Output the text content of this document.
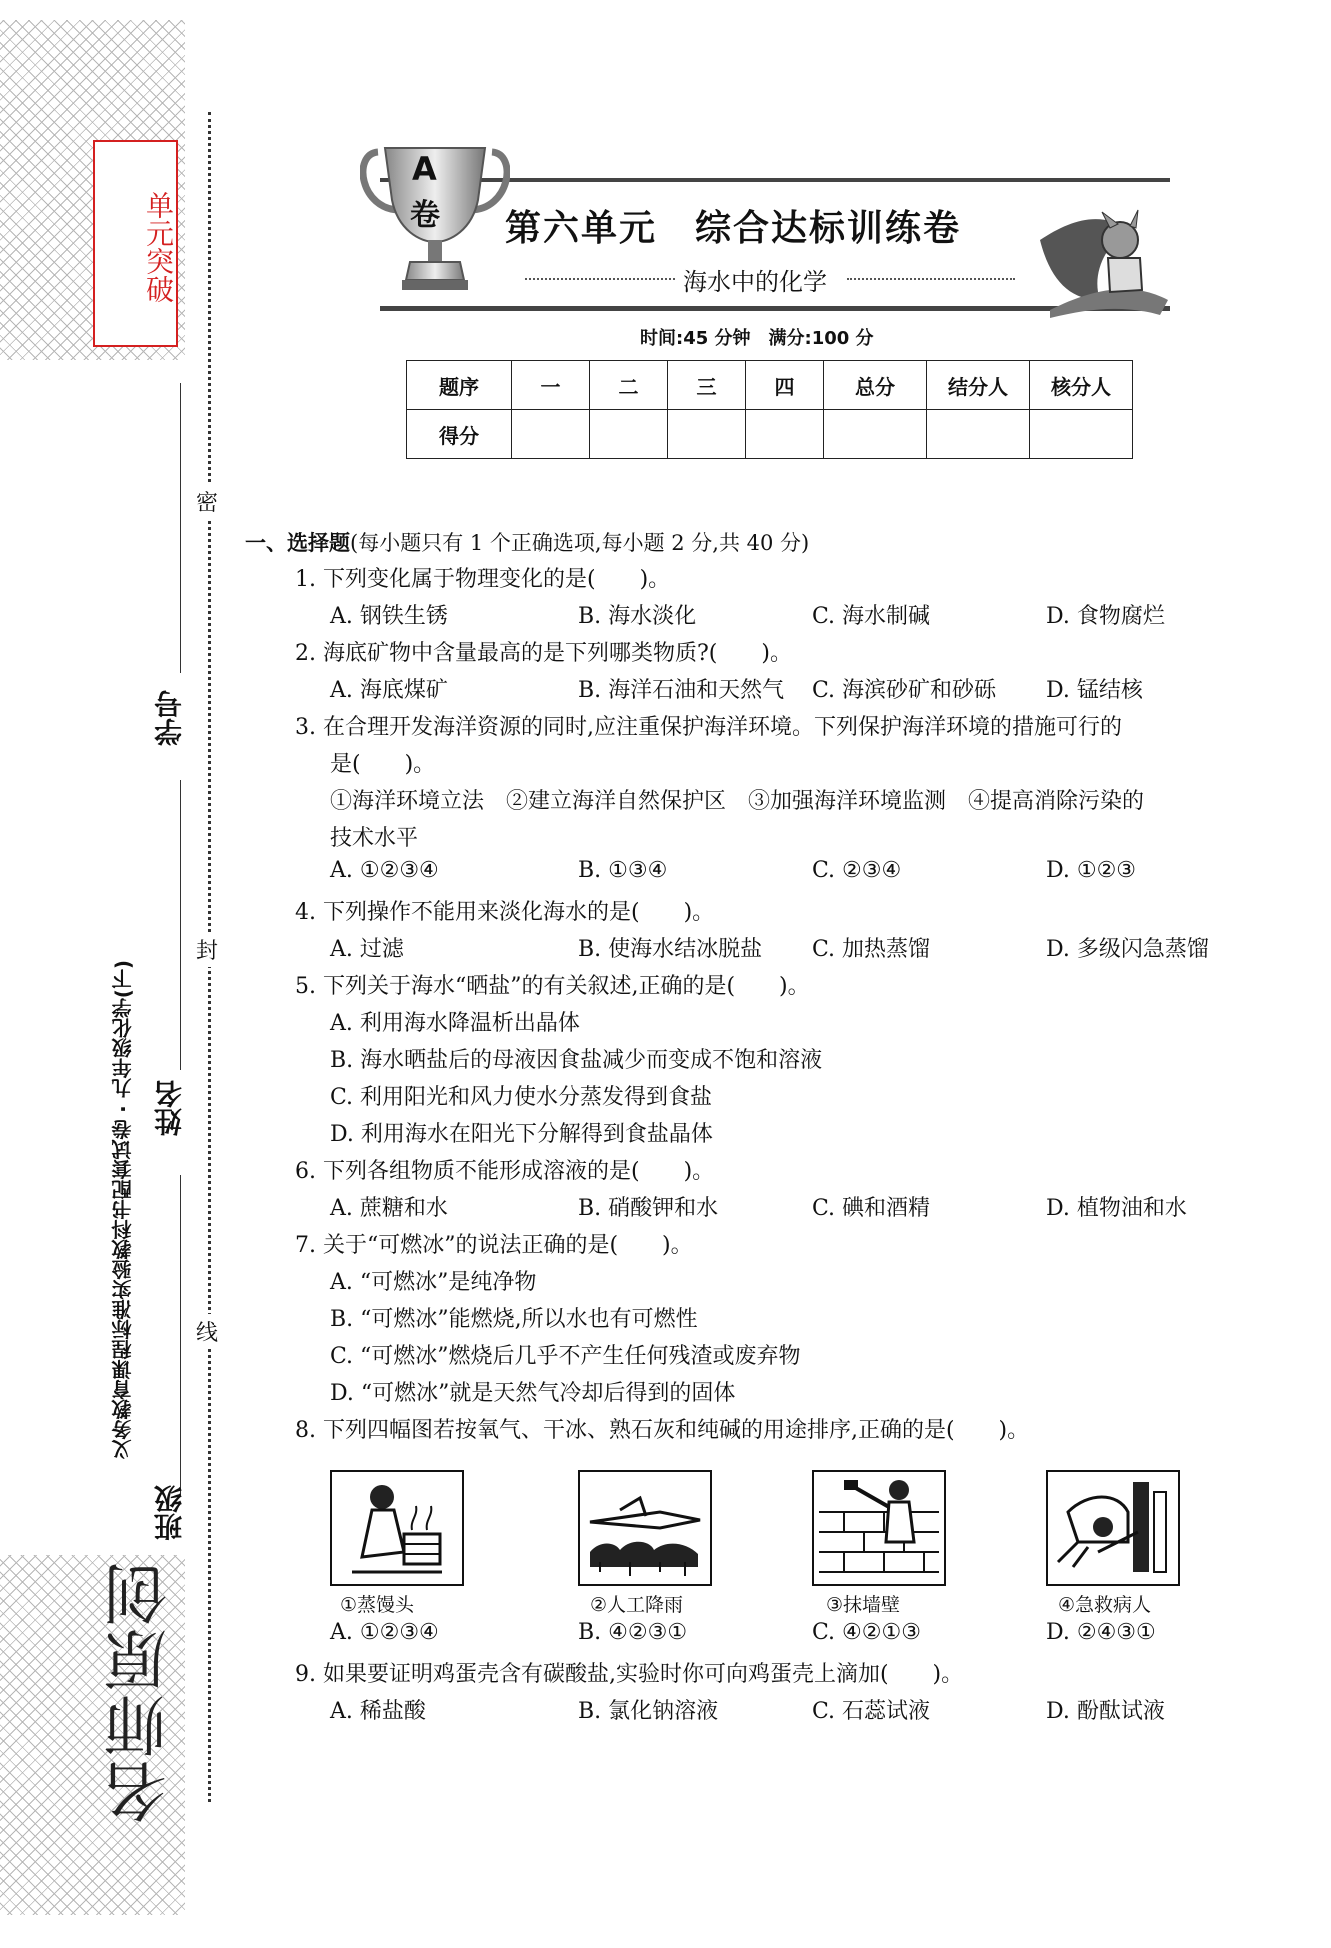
单元突破
密
封
线
学号
姓名
班级
义务教育课程标准实验教科书配套试卷 · 九年级化学(下)
名师原创
A
卷 第六单元　综合达标训练卷
海水中的化学
时间:45 分钟　满分:100 分
题序	一	二	三	四	总分	结分人	核分人
得分							
一、选择题(每小题只有 1 个正确选项,每小题 2 分,共 40 分)
1. 下列变化属于物理变化的是(　　)。
A. 钢铁生锈	B. 海水淡化	C. 海水制碱	D. 食物腐烂
2. 海底矿物中含量最高的是下列哪类物质?(　　)。
A. 海底煤矿	B. 海洋石油和天然气 C. 海滨砂矿和砂砾 D. 锰结核
3. 在合理开发海洋资源的同时,应注重保护海洋环境。下列保护海洋环境的措施可行的
是(　　)。
①海洋环境立法　②建立海洋自然保护区　③加强海洋环境监测　④提高消除污染的
技术水平
A. ①②③④	B. ①③④	C. ②③④	D. ①②③
4. 下列操作不能用来淡化海水的是(　　)。
A. 过滤	B. 使海水结冰脱盐 C. 加热蒸馏	D. 多级闪急蒸馏
5. 下列关于海水“晒盐”的有关叙述,正确的是(　　)。
A. 利用海水降温析出晶体
B. 海水晒盐后的母液因食盐减少而变成不饱和溶液
C. 利用阳光和风力使水分蒸发得到食盐
D. 利用海水在阳光下分解得到食盐晶体
6. 下列各组物质不能形成溶液的是(　　)。
A. 蔗糖和水	B. 硝酸钾和水	C. 碘和酒精	D. 植物油和水
7. 关于“可燃冰”的说法正确的是(　　)。
A. “可燃冰”是纯净物
B. “可燃冰”能燃烧,所以水也有可燃性
C. “可燃冰”燃烧后几乎不产生任何残渣或废弃物
D. “可燃冰”就是天然气冷却后得到的固体
8. 下列四幅图若按氧气、干冰、熟石灰和纯碱的用途排序,正确的是(　　)。
①蒸馒头	②人工降雨	③抹墙壁	④急救病人
A. ①②③④	B. ④②③①	C. ④②①③	D. ②④③①
9. 如果要证明鸡蛋壳含有碳酸盐,实验时你可向鸡蛋壳上滴加(　　)。
A. 稀盐酸	B. 氯化钠溶液	C. 石蕊试液	D. 酚酞试液
